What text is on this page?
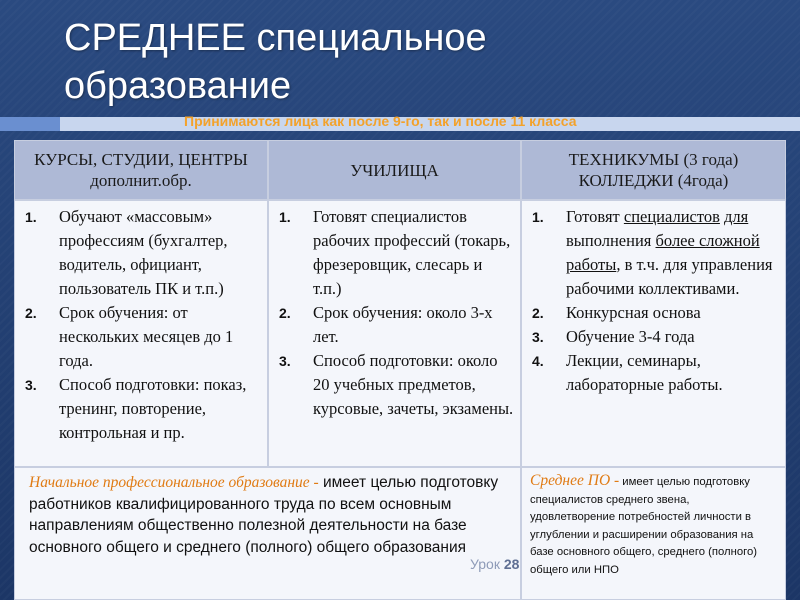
СРЕДНЕЕ специальное
образование
Принимаются лица как после 9-го, так и после 11 класса
КУРСЫ, СТУДИИ, ЦЕНТРЫ дополнит.обр.
УЧИЛИЩА
ТЕХНИКУМЫ (3 года) КОЛЛЕДЖИ (4года)
1. Обучают «массовым» профессиям (бухгалтер, водитель, официант, пользователь ПК и т.п.)
2. Срок обучения: от нескольких месяцев до 1 года.
3. Способ подготовки: показ, тренинг, повторение, контрольная и пр.
1. Готовят специалистов рабочих профессий (токарь, фрезеровщик, слесарь и т.п.)
2. Срок обучения: около 3-х лет.
3. Способ подготовки: около 20 учебных предметов, курсовые, зачеты, экзамены.
1. Готовят специалистов для выполнения более сложной работы, в т.ч. для управления рабочими коллективами.
2. Конкурсная основа
3. Обучение 3-4 года
4. Лекции, семинары, лабораторные работы.
Начальное профессиональное образование - имеет целью подготовку работников квалифицированного труда по всем основным направлениям общественно полезной деятельности на базе основного общего и среднего (полного) общего образования
Среднее ПО - имеет целью подготовку специалистов среднего звена, удовлетворение потребностей личности в углублении и расширении образования на базе основного общего, среднего (полного) общего или НПО
Урок 28
